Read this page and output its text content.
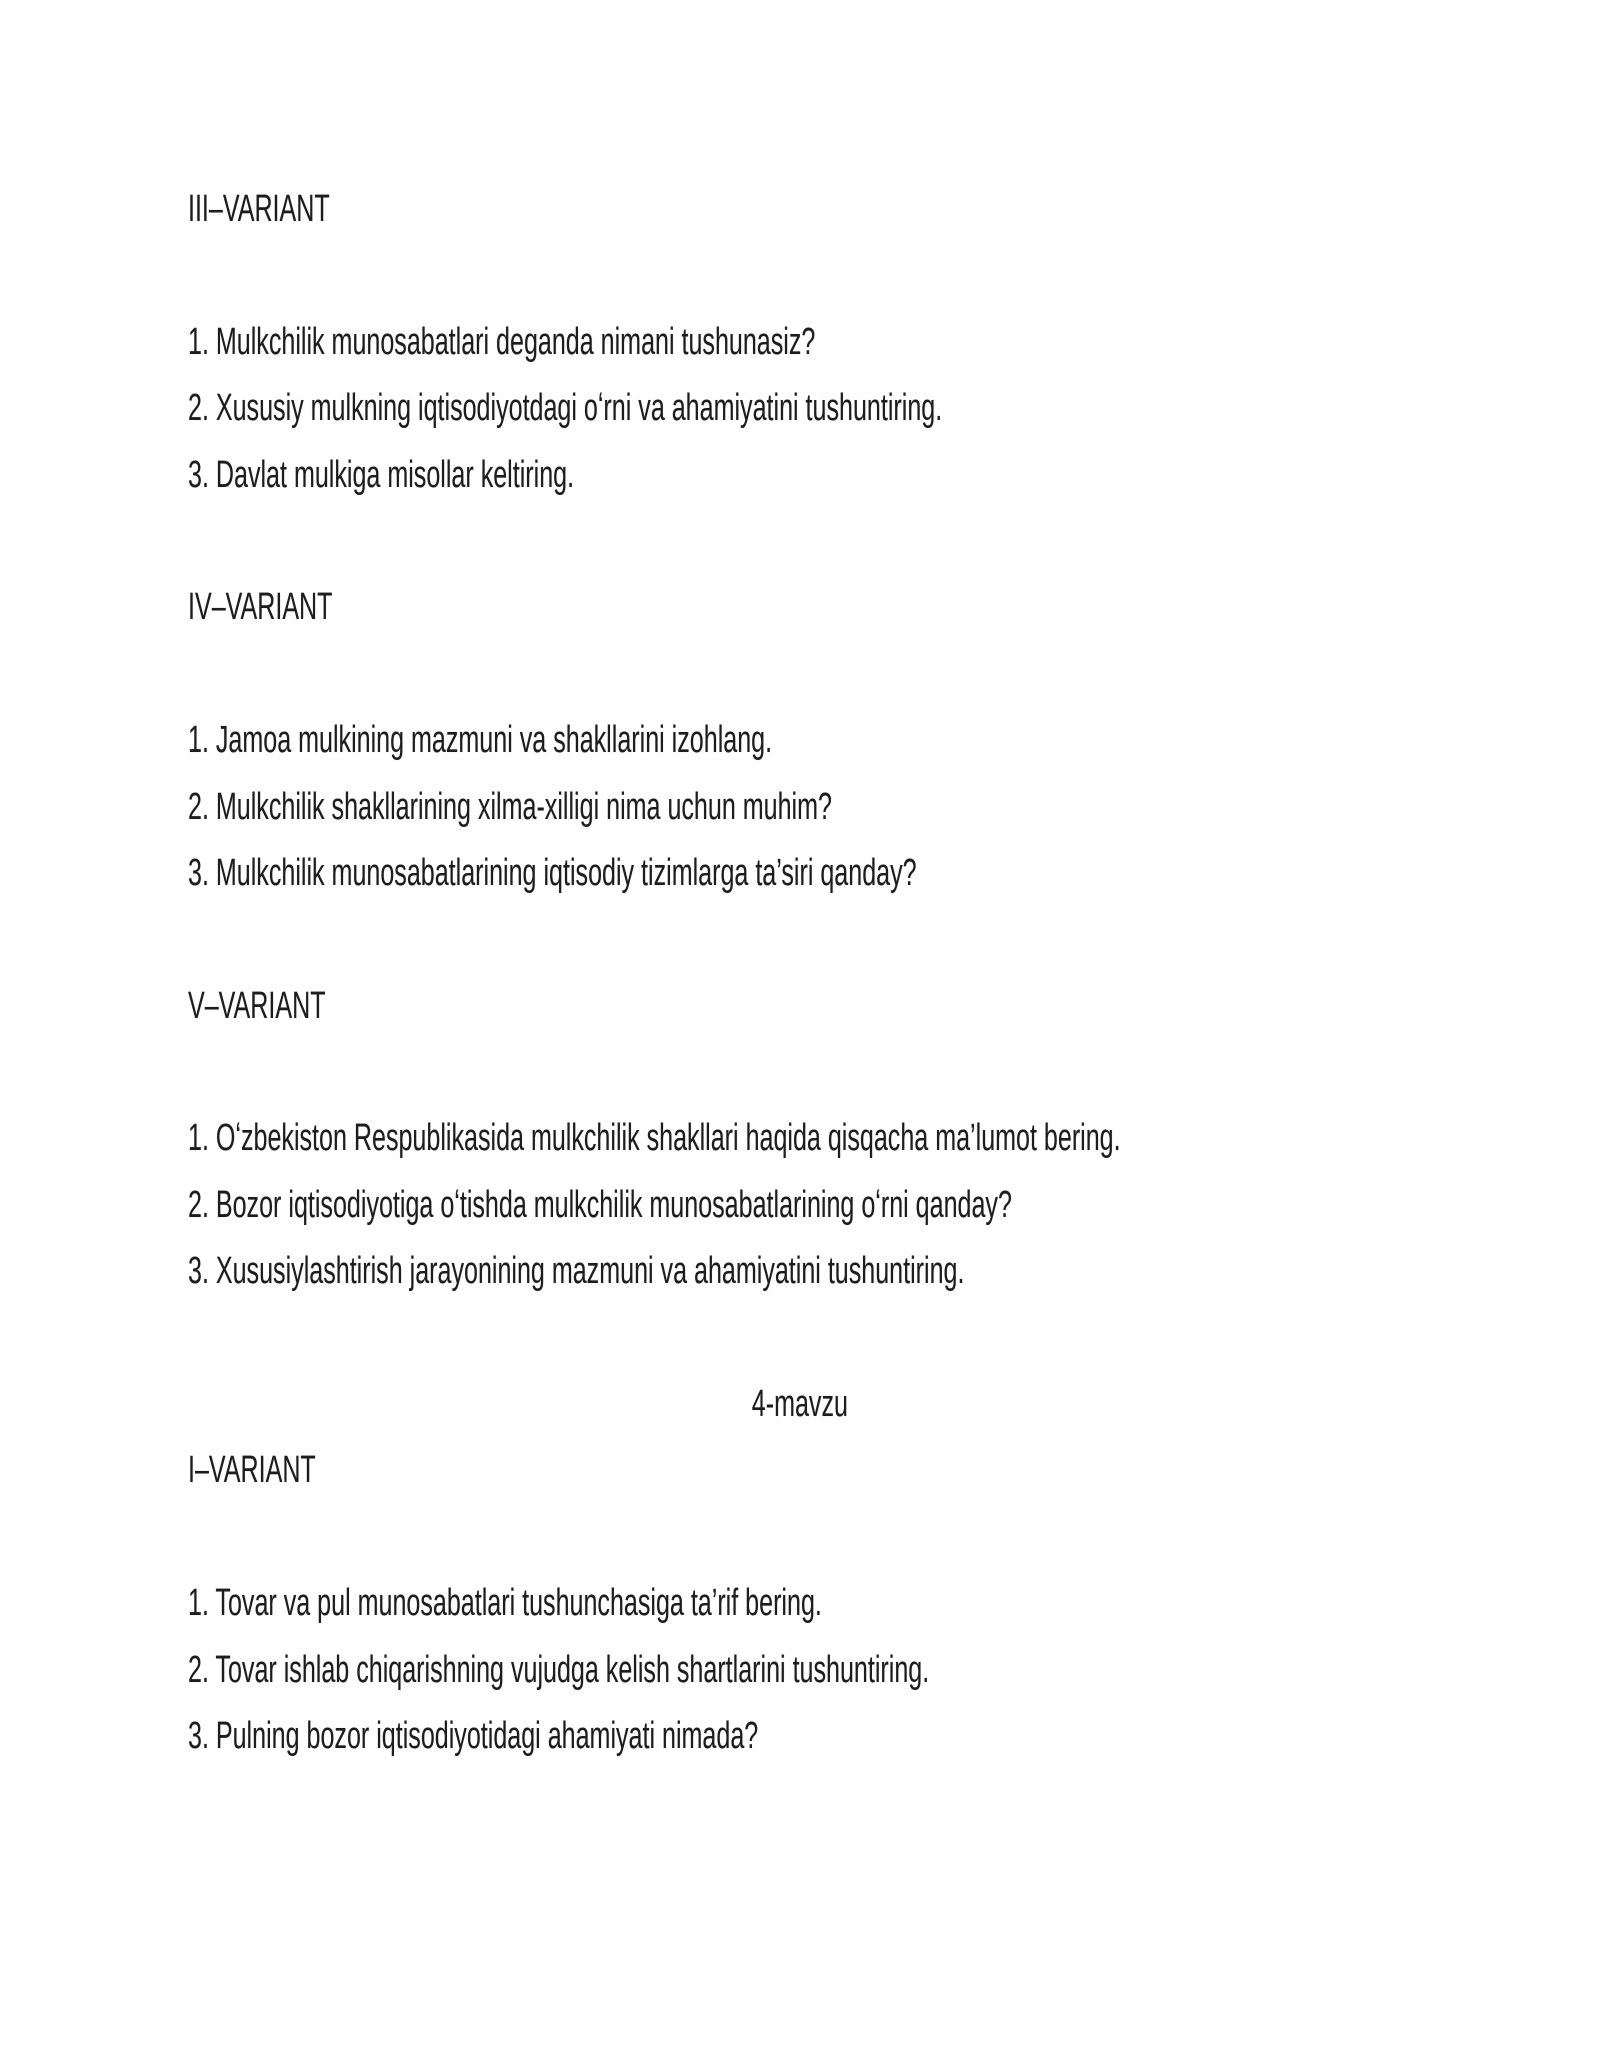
III–VARIANT
1. Mulkchilik munosabatlari deganda nimani tushunasiz?
2. Xususiy mulkning iqtisodiyotdagi oʻrni va ahamiyatini tushuntiring.
3. Davlat mulkiga misollar keltiring.
IV–VARIANT
1. Jamoa mulkining mazmuni va shakllarini izohlang.
2. Mulkchilik shakllarining xilma-xilligi nima uchun muhim?
3. Mulkchilik munosabatlarining iqtisodiy tizimlarga ta’siri qanday?
V–VARIANT
1. Oʻzbekiston Respublikasida mulkchilik shakllari haqida qisqacha ma’lumot bering.
2. Bozor iqtisodiyotiga oʻtishda mulkchilik munosabatlarining oʻrni qanday?
3. Xususiylashtirish jarayonining mazmuni va ahamiyatini tushuntiring.
4-mavzu
I–VARIANT
1. Tovar va pul munosabatlari tushunchasiga ta’rif bering.
2. Tovar ishlab chiqarishning vujudga kelish shartlarini tushuntiring.
3. Pulning bozor iqtisodiyotidagi ahamiyati nimada?
